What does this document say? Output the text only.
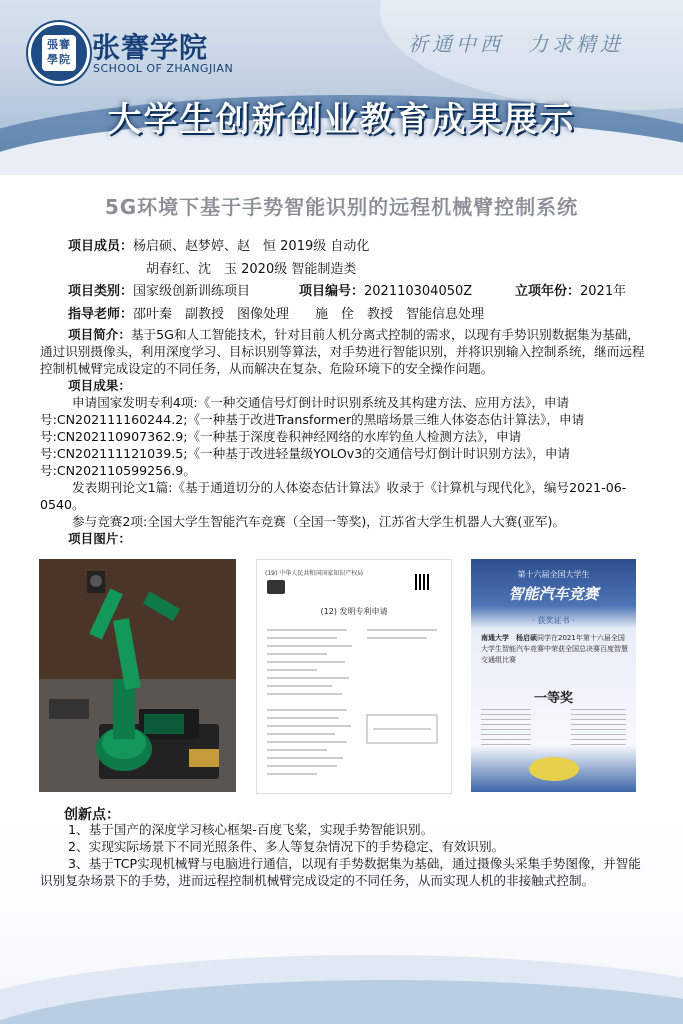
張謇
學院 张謇学院
SCHOOL OF ZHANGJIAN
祈通中西　力求精进
大学生创新创业教育成果展示
5G环境下基于手势智能识别的远程机械臂控制系统
项目成员：杨启硕、赵梦婷、赵　恒 2019级 自动化
胡春红、沈　玉 2020级 智能制造类
项目类别：国家级创新训练项目	项目编号：202110304050Z	立项年份：2021年
指导老师：邵叶秦　副教授　图像处理　　施　佺　教授　智能信息处理

项目简介：基于5G和人工智能技术，针对目前人机分离式控制的需求，以现有手势识别数据集为基础，通过识别摄像头，利用深度学习、目标识别等算法，对手势进行智能识别，并将识别输入控制系统，继而远程控制机械臂完成设定的不同任务，从而解决在复杂、危险环境下的安全操作问题。

项目成果：

申请国家发明专利4项:《一种交通信号灯倒计时识别系统及其构建方法、应用方法》，申请号:CN202111160244.2;《一种基于改进Transformer的黑暗场景三维人体姿态估计算法》，申请号:CN202110907362.9;《一种基于深度卷积神经网络的水库钓鱼人检测方法》，申请号:CN202111121039.5;《一种基于改进轻量级YOLOv3的交通信号灯倒计时识别方法》，申请号:CN202110599256.9。

发表期刊论文1篇:《基于通道切分的人体姿态估计算法》收录于《计算机与现代化》，编号2021-06-0540。

参与竞赛2项:全国大学生智能汽车竞赛（全国一等奖)，江苏省大学生机器人大赛(亚军)。

项目图片：

(19) 中华人民共和国国家知识产权局
(12) 发明专利申请
第十六届全国大学生
智能汽车竞赛
· 获奖证书 ·
南通大学　杨启硕同学在2021年第十六届全国大学生智能汽车竞赛中荣获全国总决赛百度智慧交通组比赛
一等奖
创新点：

1、基于国产的深度学习核心框架-百度飞桨，实现手势智能识别。

2、实现实际场景下不同光照条件、多人等复杂情况下的手势稳定、有效识别。

3、基于TCP实现机械臂与电脑进行通信，以现有手势数据集为基础，通过摄像头采集手势图像，并智能识别复杂场景下的手势，进而远程控制机械臂完成设定的不同任务，从而实现人机的非接触式控制。
